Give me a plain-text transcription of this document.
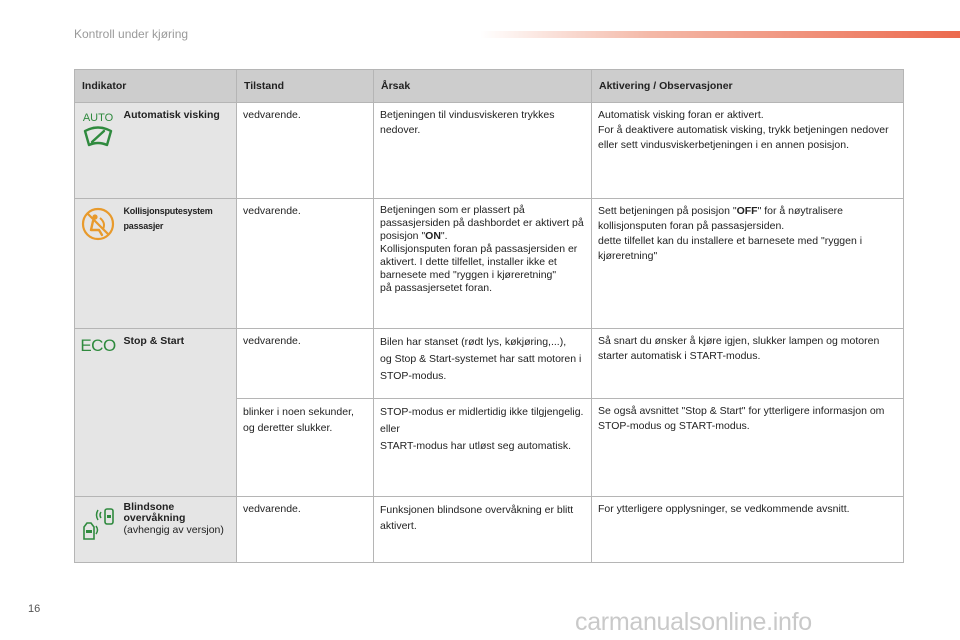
Kontroll under kjøring
Indikator		Tilstand	Årsak	Aktivering / Observasjoner

AUTO	Automatisk visking	vedvarende.	Betjeningen til vindusviskeren trykkes nedover.	Automatisk visking foran er aktivert.
For å deaktivere automatisk visking, trykk betjeningen nedover eller sett vindusviskerbetjeningen i en annen posisjon.
	Kollisjonsputesystem passasjer	vedvarende.	Betjeningen som er plassert på passasjersiden på dashbordet er aktivert på posisjon "ON".
Kollisjonsputen foran på passasjersiden er aktivert. I dette tilfellet, installer ikke et barnesete med "ryggen i kjøreretning"
på passasjersetet foran.	Sett betjeningen på posisjon "OFF" for å nøytralisere kollisjonsputen foran på passasjersiden.
dette tilfellet kan du installere et barnesete med "ryggen i kjøreretning"

ECO	Stop & Start	vedvarende.	Bilen har stanset (rødt lys, køkjøring,...),
og Stop & Start-systemet har satt motoren i STOP-modus.	Så snart du ønsker å kjøre igjen, slukker lampen og motoren starter automatisk i START-modus.
		blinker i noen sekunder, og deretter slukker.	STOP-modus er midlertidig ikke tilgjengelig.
eller
START-modus har utløst seg automatisk.	Se også avsnittet "Stop & Start" for ytterligere informasjon om STOP-modus og START-modus.
	Blindsone overvåkning
(avhengig av versjon)	vedvarende.	Funksjonen blindsone overvåkning er blitt aktivert.	For ytterligere opplysninger, se vedkommende avsnitt.
16	carmanualsonline.info
